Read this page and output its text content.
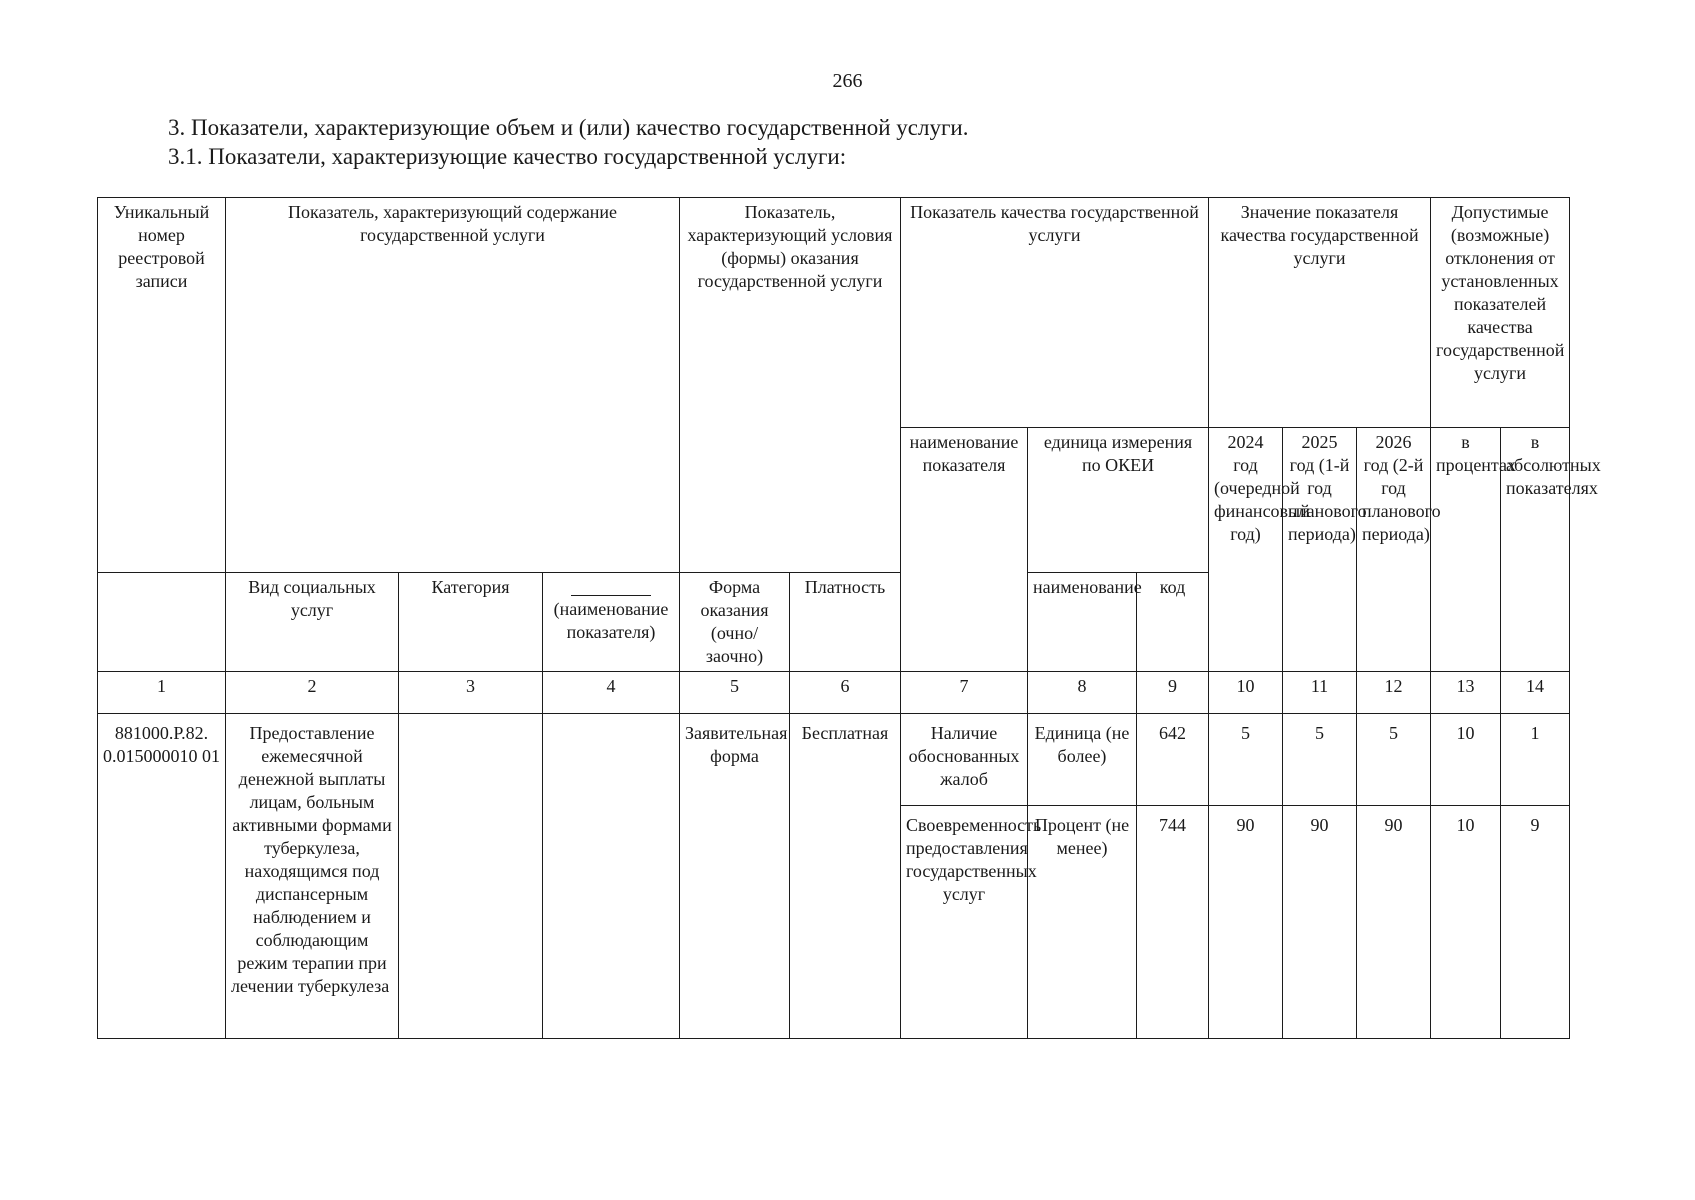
266
3. Показатели, характеризующие объем и (или) качество государственной услуги.
3.1. Показатели, характеризующие качество государственной услуги:
Уникальный номер реестровой записи	Показатель, характеризующий содержание государственной услуги			Показатель, характеризующий условия (формы) оказания государственной услуги		Показатель качества государственной услуги			Значение показателя качества государственной услуги			Допустимые (возможные) отклонения от установленных показателей качества государственной услуги	
						наименование показателя	единица измерения по ОКЕИ		2024 год (очередной финансовый год)	2025 год (1-й год планового периода)	2026 год (2-й год планового периода)	в процентах	в абсолютных показателях

	Вид социальных услуг	Категория	(наименование показателя)	Форма оказания (очно/заочно)	Платность		наименование	код					
1	2	3	4	5	6	7	8	9	10	11	12	13	14
881000.Р.82. 0.015000010 01	Предоставление ежемесячной денежной выплаты лицам, больным активными формами туберкулеза, находящимся под диспансерным наблюдением и соблюдающим режим терапии при лечении туберкулеза			Заявительная форма	Бесплатная	Наличие обоснованных жалоб	Единица (не более)	642	5	5	5	10	1
						Своевременность предоставления государственных услуг	Процент (не менее)	744	90	90	90	10	9
